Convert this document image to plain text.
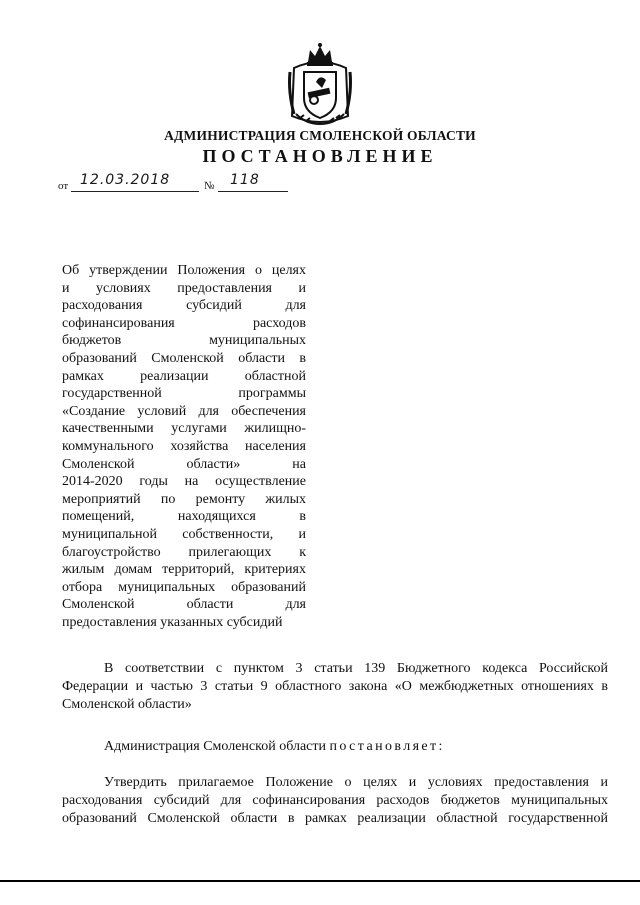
АДМИНИСТРАЦИЯ СМОЛЕНСКОЙ ОБЛАСТИ
ПОСТАНОВЛЕНИЕ
от 12.03.2018	№ 118
Об утверждении Положения о целях
и условиях предоставления и
расходования субсидий для
софинансирования расходов
бюджетов муниципальных
образований Смоленской области в
рамках реализации областной
государственной программы
«Создание условий для обеспечения
качественными услугами жилищно-
коммунального хозяйства населения
Смоленской области» на
2014-2020 годы на осуществление
мероприятий по ремонту жилых
помещений, находящихся в
муниципальной собственности, и
благоустройство прилегающих к
жилым домам территорий, критериях
отбора муниципальных образований
Смоленской области для
предоставления указанных субсидий
В соответствии с пунктом 3 статьи 139 Бюджетного кодекса Российской
Федерации и частью 3 статьи 9 областного закона «О межбюджетных отношениях в
Смоленской области»
Администрация Смоленской области постановляет:
Утвердить прилагаемое Положение о целях и условиях предоставления и
расходования субсидий для софинансирования расходов бюджетов муниципальных
образований Смоленской области в рамках реализации областной государственной
